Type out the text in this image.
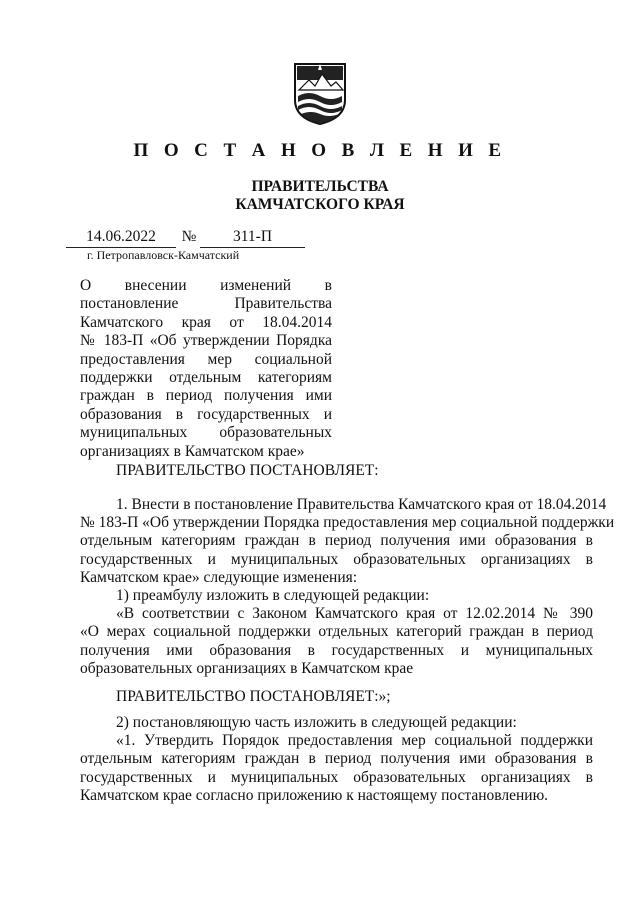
П О С Т А Н О В Л Е Н И Е
ПРАВИТЕЛЬСТВА
КАМЧАТСКОГО КРАЯ
14.06.2022	№	311-П
г. Петропавловск-Камчатский
О внесении изменений в
постановление Правительства
Камчатского края от 18.04.2014
№ 183-П «Об утверждении Порядка
предоставления мер социальной
поддержки отдельным категориям
граждан в период получения ими
образования в государственных и
муниципальных образовательных
организациях в Камчатском крае»
ПРАВИТЕЛЬСТВО ПОСТАНОВЛЯЕТ:
1. Внести в постановление Правительства Камчатского края от 18.04.2014
№ 183-П «Об утверждении Порядка предоставления мер социальной поддержки
отдельным категориям граждан в период получения ими образования в
государственных и муниципальных образовательных организациях в
Камчатском крае» следующие изменения:
1) преамбулу изложить в следующей редакции:
«В соответствии с Законом Камчатского края от 12.02.2014 № 390
«О мерах социальной поддержки отдельных категорий граждан в период
получения ими образования в государственных и муниципальных
образовательных организациях в Камчатском крае
ПРАВИТЕЛЬСТВО ПОСТАНОВЛЯЕТ:»;
2) постановляющую часть изложить в следующей редакции:
«1. Утвердить Порядок предоставления мер социальной поддержки
отдельным категориям граждан в период получения ими образования в
государственных и муниципальных образовательных организациях в
Камчатском крае согласно приложению к настоящему постановлению.
